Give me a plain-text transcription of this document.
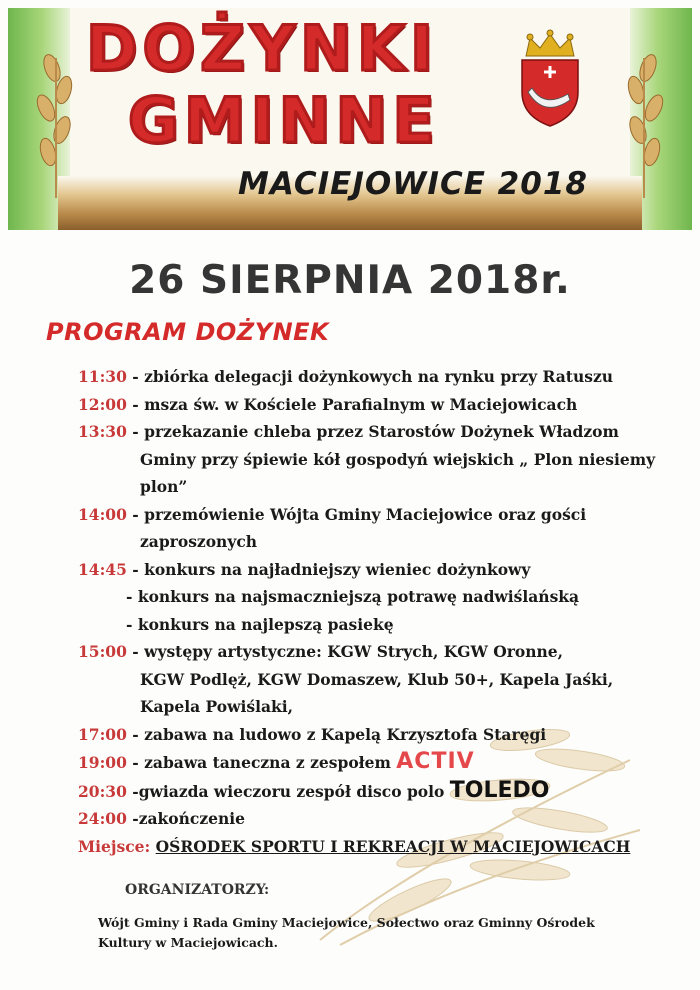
DOŻYNKI
GMINNE
MACIEJOWICE 2018
26 SIERPNIA 2018r.
PROGRAM DOŻYNEK
11:30 - zbiórka delegacji dożynkowych na rynku przy Ratuszu
12:00 - msza św. w Kościele Parafialnym w Maciejowicach
13:30 - przekazanie chleba przez Starostów Dożynek Władzom
Gminy przy śpiewie kół gospodyń wiejskich „ Plon niesiemy
plon”
14:00 - przemówienie Wójta Gminy Maciejowice oraz gości
zaproszonych
14:45 - konkurs na najładniejszy wieniec dożynkowy
- konkurs na najsmaczniejszą potrawę nadwiślańską
- konkurs na najlepszą pasiekę
15:00 - występy artystyczne: KGW Strych, KGW Oronne,
KGW Podlęż, KGW Domaszew, Klub 50+, Kapela Jaśki,
Kapela Powiślaki,
17:00 - zabawa na ludowo z Kapelą Krzysztofa Staręgi
19:00 - zabawa taneczna z zespołem ACTIV
20:30 -gwiazda wieczoru zespół disco polo TOLEDO
24:00 -zakończenie
Miejsce: OŚRODEK SPORTU I REKREACJI W MACIEJOWICACH
ORGANIZATORZY:

Wójt Gminy i Rada Gminy Maciejowice, Sołectwo oraz Gminny Ośrodek Kultury w Maciejowicach.
